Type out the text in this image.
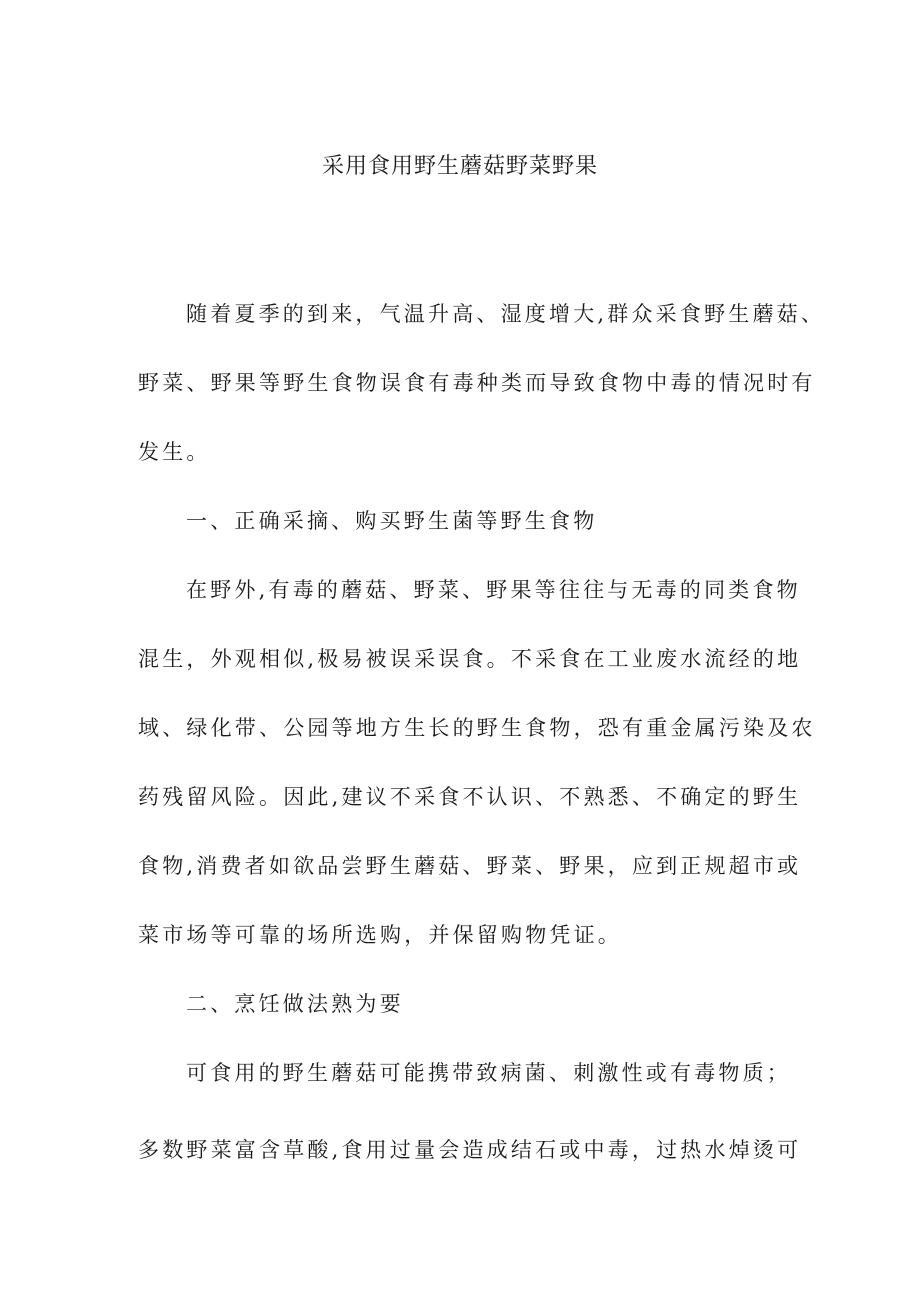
采用食用野生蘑菇野菜野果
随着夏季的到来，气温升高、湿度增大,群众采食野生蘑菇、
野菜、野果等野生食物误食有毒种类而导致食物中毒的情况时有
发生。
一、正确采摘、购买野生菌等野生食物
在野外,有毒的蘑菇、野菜、野果等往往与无毒的同类食物
混生，外观相似,极易被误采误食。不采食在工业废水流经的地
域、绿化带、公园等地方生长的野生食物，恐有重金属污染及农
药残留风险。因此,建议不采食不认识、不熟悉、不确定的野生
食物,消费者如欲品尝野生蘑菇、野菜、野果，应到正规超市或
菜市场等可靠的场所选购，并保留购物凭证。
二、烹饪做法熟为要
可食用的野生蘑菇可能携带致病菌、刺激性或有毒物质；
多数野菜富含草酸,食用过量会造成结石或中毒，过热水焯烫可
